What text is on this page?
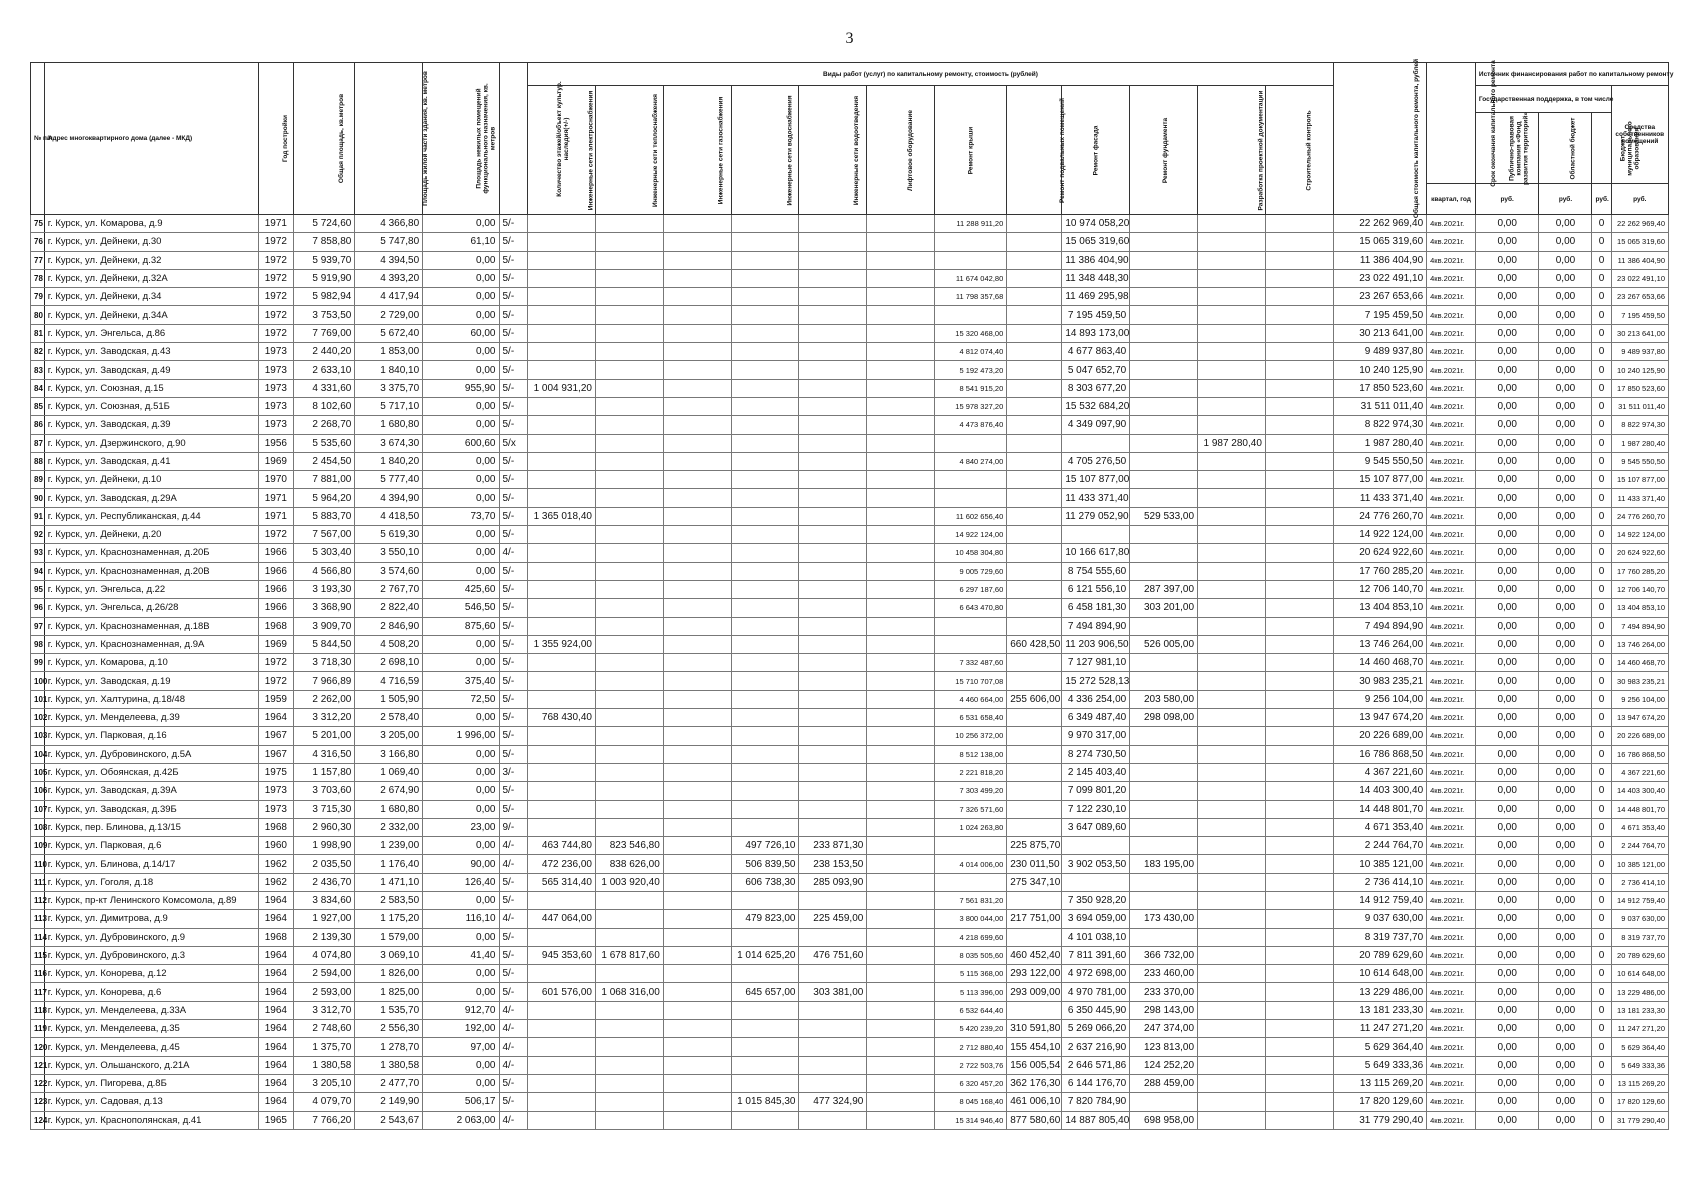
3
№ п/п	Адрес многоквартирного дома (далее - МКД)	Год постройки	Общая площадь, кв.метров	Площадь жилой части здания, кв. метров	Площадь нежилых помещений функционального назначения, кв. метров	Количество этажей/объект культур. наследия(+/-)	Виды работ (услуг) по капитальному ремонту, стоимость (рублей)												Общая стоимость капитального ремонта, рублей	Срок окончания капитального ремонта	Источник финансирования работ по капитальному ремонту			
							Инженерные сети электроснабжения	Инженерные сети теплоснабжения	Инженерные сети газоснабжения	Инженерные сети водоснабжения	Инженерные сети водоотведения	Лифтовое оборудование	Ремонт крыши	Ремонт подвальных помещений	Ремонт фасада	Ремонт фундамента	Разработка проектной документации	Строительный контроль			Государственная поддержка, в том числе			Средства собственников помещений
																					Публично-правовая компания «Фонд развития территорий»	Областной бюджет	Бюджет муниципального образования	
																				квартал, год	руб.	руб.	руб.	руб.
75	г. Курск, ул. Комарова, д.9	1971	5 724,60	4 366,80	0,00	5/-							11 288 911,20		10 974 058,20				22 262 969,40	4кв.2021г.	0,00	0,00	0	22 262 969,40
76	г. Курск, ул. Дейнеки, д.30	1972	7 858,80	5 747,80	61,10	5/-									15 065 319,60				15 065 319,60	4кв.2021г.	0,00	0,00	0	15 065 319,60
77	г. Курск, ул. Дейнеки, д.32	1972	5 939,70	4 394,50	0,00	5/-									11 386 404,90				11 386 404,90	4кв.2021г.	0,00	0,00	0	11 386 404,90
78	г. Курск, ул. Дейнеки, д.32А	1972	5 919,90	4 393,20	0,00	5/-							11 674 042,80		11 348 448,30				23 022 491,10	4кв.2021г.	0,00	0,00	0	23 022 491,10
79	г. Курск, ул. Дейнеки, д.34	1972	5 982,94	4 417,94	0,00	5/-							11 798 357,68		11 469 295,98				23 267 653,66	4кв.2021г.	0,00	0,00	0	23 267 653,66
80	г. Курск, ул. Дейнеки, д.34А	1972	3 753,50	2 729,00	0,00	5/-									7 195 459,50				7 195 459,50	4кв.2021г.	0,00	0,00	0	7 195 459,50
81	г. Курск, ул. Энгельса, д.86	1972	7 769,00	5 672,40	60,00	5/-							15 320 468,00		14 893 173,00				30 213 641,00	4кв.2021г.	0,00	0,00	0	30 213 641,00
82	г. Курск, ул. Заводская, д.43	1973	2 440,20	1 853,00	0,00	5/-							4 812 074,40		4 677 863,40				9 489 937,80	4кв.2021г.	0,00	0,00	0	9 489 937,80
83	г. Курск, ул. Заводская, д.49	1973	2 633,10	1 840,10	0,00	5/-							5 192 473,20		5 047 652,70				10 240 125,90	4кв.2021г.	0,00	0,00	0	10 240 125,90
84	г. Курск, ул. Союзная, д.15	1973	4 331,60	3 375,70	955,90	5/-	1 004 931,20						8 541 915,20		8 303 677,20				17 850 523,60	4кв.2021г.	0,00	0,00	0	17 850 523,60
85	г. Курск, ул. Союзная, д.51Б	1973	8 102,60	5 717,10	0,00	5/-							15 978 327,20		15 532 684,20				31 511 011,40	4кв.2021г.	0,00	0,00	0	31 511 011,40
86	г. Курск, ул. Заводская, д.39	1973	2 268,70	1 680,80	0,00	5/-							4 473 876,40		4 349 097,90				8 822 974,30	4кв.2021г.	0,00	0,00	0	8 822 974,30
87	г. Курск, ул. Дзержинского, д.90	1956	5 535,60	3 674,30	600,60	5/x											1 987 280,40		1 987 280,40	4кв.2021г.	0,00	0,00	0	1 987 280,40
88	г. Курск, ул. Заводская, д.41	1969	2 454,50	1 840,20	0,00	5/-							4 840 274,00		4 705 276,50				9 545 550,50	4кв.2021г.	0,00	0,00	0	9 545 550,50
89	г. Курск, ул. Дейнеки, д.10	1970	7 881,00	5 777,40	0,00	5/-									15 107 877,00				15 107 877,00	4кв.2021г.	0,00	0,00	0	15 107 877,00
90	г. Курск, ул. Заводская, д.29А	1971	5 964,20	4 394,90	0,00	5/-									11 433 371,40				11 433 371,40	4кв.2021г.	0,00	0,00	0	11 433 371,40
91	г. Курск, ул. Республиканская, д.44	1971	5 883,70	4 418,50	73,70	5/-	1 365 018,40						11 602 656,40		11 279 052,90	529 533,00			24 776 260,70	4кв.2021г.	0,00	0,00	0	24 776 260,70
92	г. Курск, ул. Дейнеки, д.20	1972	7 567,00	5 619,30	0,00	5/-							14 922 124,00						14 922 124,00	4кв.2021г.	0,00	0,00	0	14 922 124,00
93	г. Курск, ул. Краснознаменная, д.20Б	1966	5 303,40	3 550,10	0,00	4/-							10 458 304,80		10 166 617,80				20 624 922,60	4кв.2021г.	0,00	0,00	0	20 624 922,60
94	г. Курск, ул. Краснознаменная, д.20В	1966	4 566,80	3 574,60	0,00	5/-							9 005 729,60		8 754 555,60				17 760 285,20	4кв.2021г.	0,00	0,00	0	17 760 285,20
95	г. Курск, ул. Энгельса, д.22	1966	3 193,30	2 767,70	425,60	5/-							6 297 187,60		6 121 556,10	287 397,00			12 706 140,70	4кв.2021г.	0,00	0,00	0	12 706 140,70
96	г. Курск, ул. Энгельса, д.26/28	1966	3 368,90	2 822,40	546,50	5/-							6 643 470,80		6 458 181,30	303 201,00			13 404 853,10	4кв.2021г.	0,00	0,00	0	13 404 853,10
97	г. Курск, ул. Краснознаменная, д.18В	1968	3 909,70	2 846,90	875,60	5/-									7 494 894,90				7 494 894,90	4кв.2021г.	0,00	0,00	0	7 494 894,90
98	г. Курск, ул. Краснознаменная, д.9А	1969	5 844,50	4 508,20	0,00	5/-	1 355 924,00							660 428,50	11 203 906,50	526 005,00			13 746 264,00	4кв.2021г.	0,00	0,00	0	13 746 264,00
99	г. Курск, ул. Комарова, д.10	1972	3 718,30	2 698,10	0,00	5/-							7 332 487,60		7 127 981,10				14 460 468,70	4кв.2021г.	0,00	0,00	0	14 460 468,70
100	г. Курск, ул. Заводская, д.19	1972	7 966,89	4 716,59	375,40	5/-							15 710 707,08		15 272 528,13				30 983 235,21	4кв.2021г.	0,00	0,00	0	30 983 235,21
101	г. Курск, ул. Халтурина, д.18/48	1959	2 262,00	1 505,90	72,50	5/-							4 460 664,00	255 606,00	4 336 254,00	203 580,00			9 256 104,00	4кв.2021г.	0,00	0,00	0	9 256 104,00
102	г. Курск, ул. Менделеева, д.39	1964	3 312,20	2 578,40	0,00	5/-	768 430,40						6 531 658,40		6 349 487,40	298 098,00			13 947 674,20	4кв.2021г.	0,00	0,00	0	13 947 674,20
103	г. Курск, ул. Парковая, д.16	1967	5 201,00	3 205,00	1 996,00	5/-							10 256 372,00		9 970 317,00				20 226 689,00	4кв.2021г.	0,00	0,00	0	20 226 689,00
104	г. Курск, ул. Дубровинского, д.5А	1967	4 316,50	3 166,80	0,00	5/-							8 512 138,00		8 274 730,50				16 786 868,50	4кв.2021г.	0,00	0,00	0	16 786 868,50
105	г. Курск, ул. Обоянская, д.42Б	1975	1 157,80	1 069,40	0,00	3/-							2 221 818,20		2 145 403,40				4 367 221,60	4кв.2021г.	0,00	0,00	0	4 367 221,60
106	г. Курск, ул. Заводская, д.39А	1973	3 703,60	2 674,90	0,00	5/-							7 303 499,20		7 099 801,20				14 403 300,40	4кв.2021г.	0,00	0,00	0	14 403 300,40
107	г. Курск, ул. Заводская, д.39Б	1973	3 715,30	1 680,80	0,00	5/-							7 326 571,60		7 122 230,10				14 448 801,70	4кв.2021г.	0,00	0,00	0	14 448 801,70
108	г. Курск, пер. Блинова, д.13/15	1968	2 960,30	2 332,00	23,00	9/-							1 024 263,80		3 647 089,60				4 671 353,40	4кв.2021г.	0,00	0,00	0	4 671 353,40
109	г. Курск, ул. Парковая, д.6	1960	1 998,90	1 239,00	0,00	4/-	463 744,80	823 546,80		497 726,10	233 871,30			225 875,70					2 244 764,70	4кв.2021г.	0,00	0,00	0	2 244 764,70
110	г. Курск, ул. Блинова, д.14/17	1962	2 035,50	1 176,40	90,00	4/-	472 236,00	838 626,00		506 839,50	238 153,50		4 014 006,00	230 011,50	3 902 053,50	183 195,00			10 385 121,00	4кв.2021г.	0,00	0,00	0	10 385 121,00
111	г. Курск, ул. Гоголя, д.18	1962	2 436,70	1 471,10	126,40	5/-	565 314,40	1 003 920,40		606 738,30	285 093,90			275 347,10					2 736 414,10	4кв.2021г.	0,00	0,00	0	2 736 414,10
112	г. Курск, пр-кт Ленинского Комсомола, д.89	1964	3 834,60	2 583,50	0,00	5/-							7 561 831,20		7 350 928,20				14 912 759,40	4кв.2021г.	0,00	0,00	0	14 912 759,40
113	г. Курск, ул. Димитрова, д.9	1964	1 927,00	1 175,20	116,10	4/-	447 064,00			479 823,00	225 459,00		3 800 044,00	217 751,00	3 694 059,00	173 430,00			9 037 630,00	4кв.2021г.	0,00	0,00	0	9 037 630,00
114	г. Курск, ул. Дубровинского, д.9	1968	2 139,30	1 579,00	0,00	5/-							4 218 699,60		4 101 038,10				8 319 737,70	4кв.2021г.	0,00	0,00	0	8 319 737,70
115	г. Курск, ул. Дубровинского, д.3	1964	4 074,80	3 069,10	41,40	5/-	945 353,60	1 678 817,60		1 014 625,20	476 751,60		8 035 505,60	460 452,40	7 811 391,60	366 732,00			20 789 629,60	4кв.2021г.	0,00	0,00	0	20 789 629,60
116	г. Курск, ул. Конорева, д.12	1964	2 594,00	1 826,00	0,00	5/-							5 115 368,00	293 122,00	4 972 698,00	233 460,00			10 614 648,00	4кв.2021г.	0,00	0,00	0	10 614 648,00
117	г. Курск, ул. Конорева, д.6	1964	2 593,00	1 825,00	0,00	5/-	601 576,00	1 068 316,00		645 657,00	303 381,00		5 113 396,00	293 009,00	4 970 781,00	233 370,00			13 229 486,00	4кв.2021г.	0,00	0,00	0	13 229 486,00
118	г. Курск, ул. Менделеева, д.33А	1964	3 312,70	1 535,70	912,70	4/-							6 532 644,40		6 350 445,90	298 143,00			13 181 233,30	4кв.2021г.	0,00	0,00	0	13 181 233,30
119	г. Курск, ул. Менделеева, д.35	1964	2 748,60	2 556,30	192,00	4/-							5 420 239,20	310 591,80	5 269 066,20	247 374,00			11 247 271,20	4кв.2021г.	0,00	0,00	0	11 247 271,20
120	г. Курск, ул. Менделеева, д.45	1964	1 375,70	1 278,70	97,00	4/-							2 712 880,40	155 454,10	2 637 216,90	123 813,00			5 629 364,40	4кв.2021г.	0,00	0,00	0	5 629 364,40
121	г. Курск, ул. Ольшанского, д.21А	1964	1 380,58	1 380,58	0,00	4/-							2 722 503,76	156 005,54	2 646 571,86	124 252,20			5 649 333,36	4кв.2021г.	0,00	0,00	0	5 649 333,36
122	г. Курск, ул. Пигорева, д.8Б	1964	3 205,10	2 477,70	0,00	5/-							6 320 457,20	362 176,30	6 144 176,70	288 459,00			13 115 269,20	4кв.2021г.	0,00	0,00	0	13 115 269,20
123	г. Курск, ул. Садовая, д.13	1964	4 079,70	2 149,90	506,17	5/-				1 015 845,30	477 324,90		8 045 168,40	461 006,10	7 820 784,90				17 820 129,60	4кв.2021г.	0,00	0,00	0	17 820 129,60
124	г. Курск, ул. Краснополянская, д.41	1965	7 766,20	2 543,67	2 063,00	4/-							15 314 946,40	877 580,60	14 887 805,40	698 958,00			31 779 290,40	4кв.2021г.	0,00	0,00	0	31 779 290,40
